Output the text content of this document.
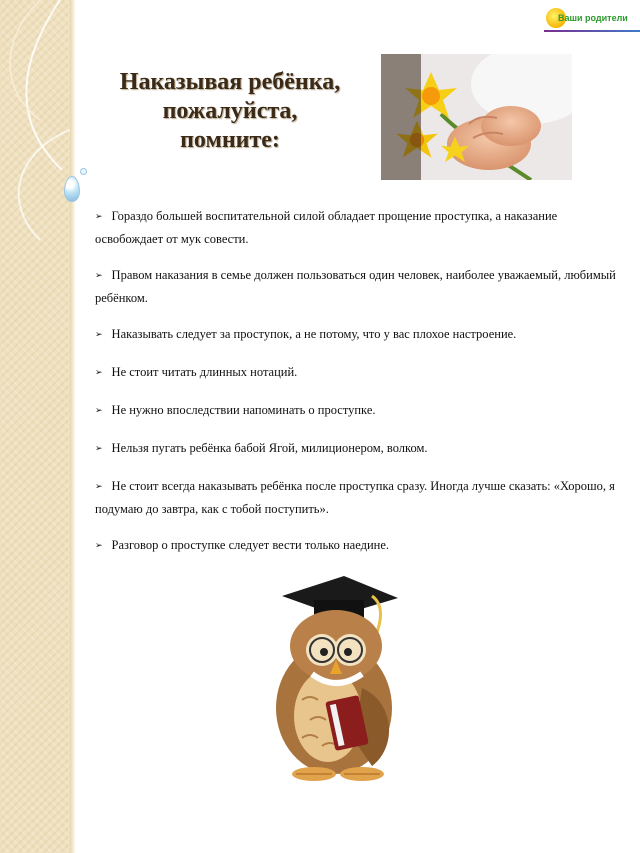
Ваши родители
Наказывая ребёнка,
пожалуйста,
помните:
➢ Гораздо большей воспитательной силой обладает прощение проступка, а наказание освобождает от мук совести.
➢ Правом наказания в семье должен пользоваться один человек, наиболее уважаемый, любимый ребёнком.
➢ Наказывать следует за проступок, а не потому, что у вас плохое настроение.
➢ Не стоит читать длинных нотаций.
➢ Не нужно впоследствии напоминать о проступке.
➢ Нельзя пугать ребёнка бабой Ягой, милиционером, волком.
➢ Не стоит всегда наказывать ребёнка после проступка сразу. Иногда лучше сказать: «Хорошо, я подумаю до завтра, как с тобой поступить».
➢ Разговор о проступке следует вести только наедине.
